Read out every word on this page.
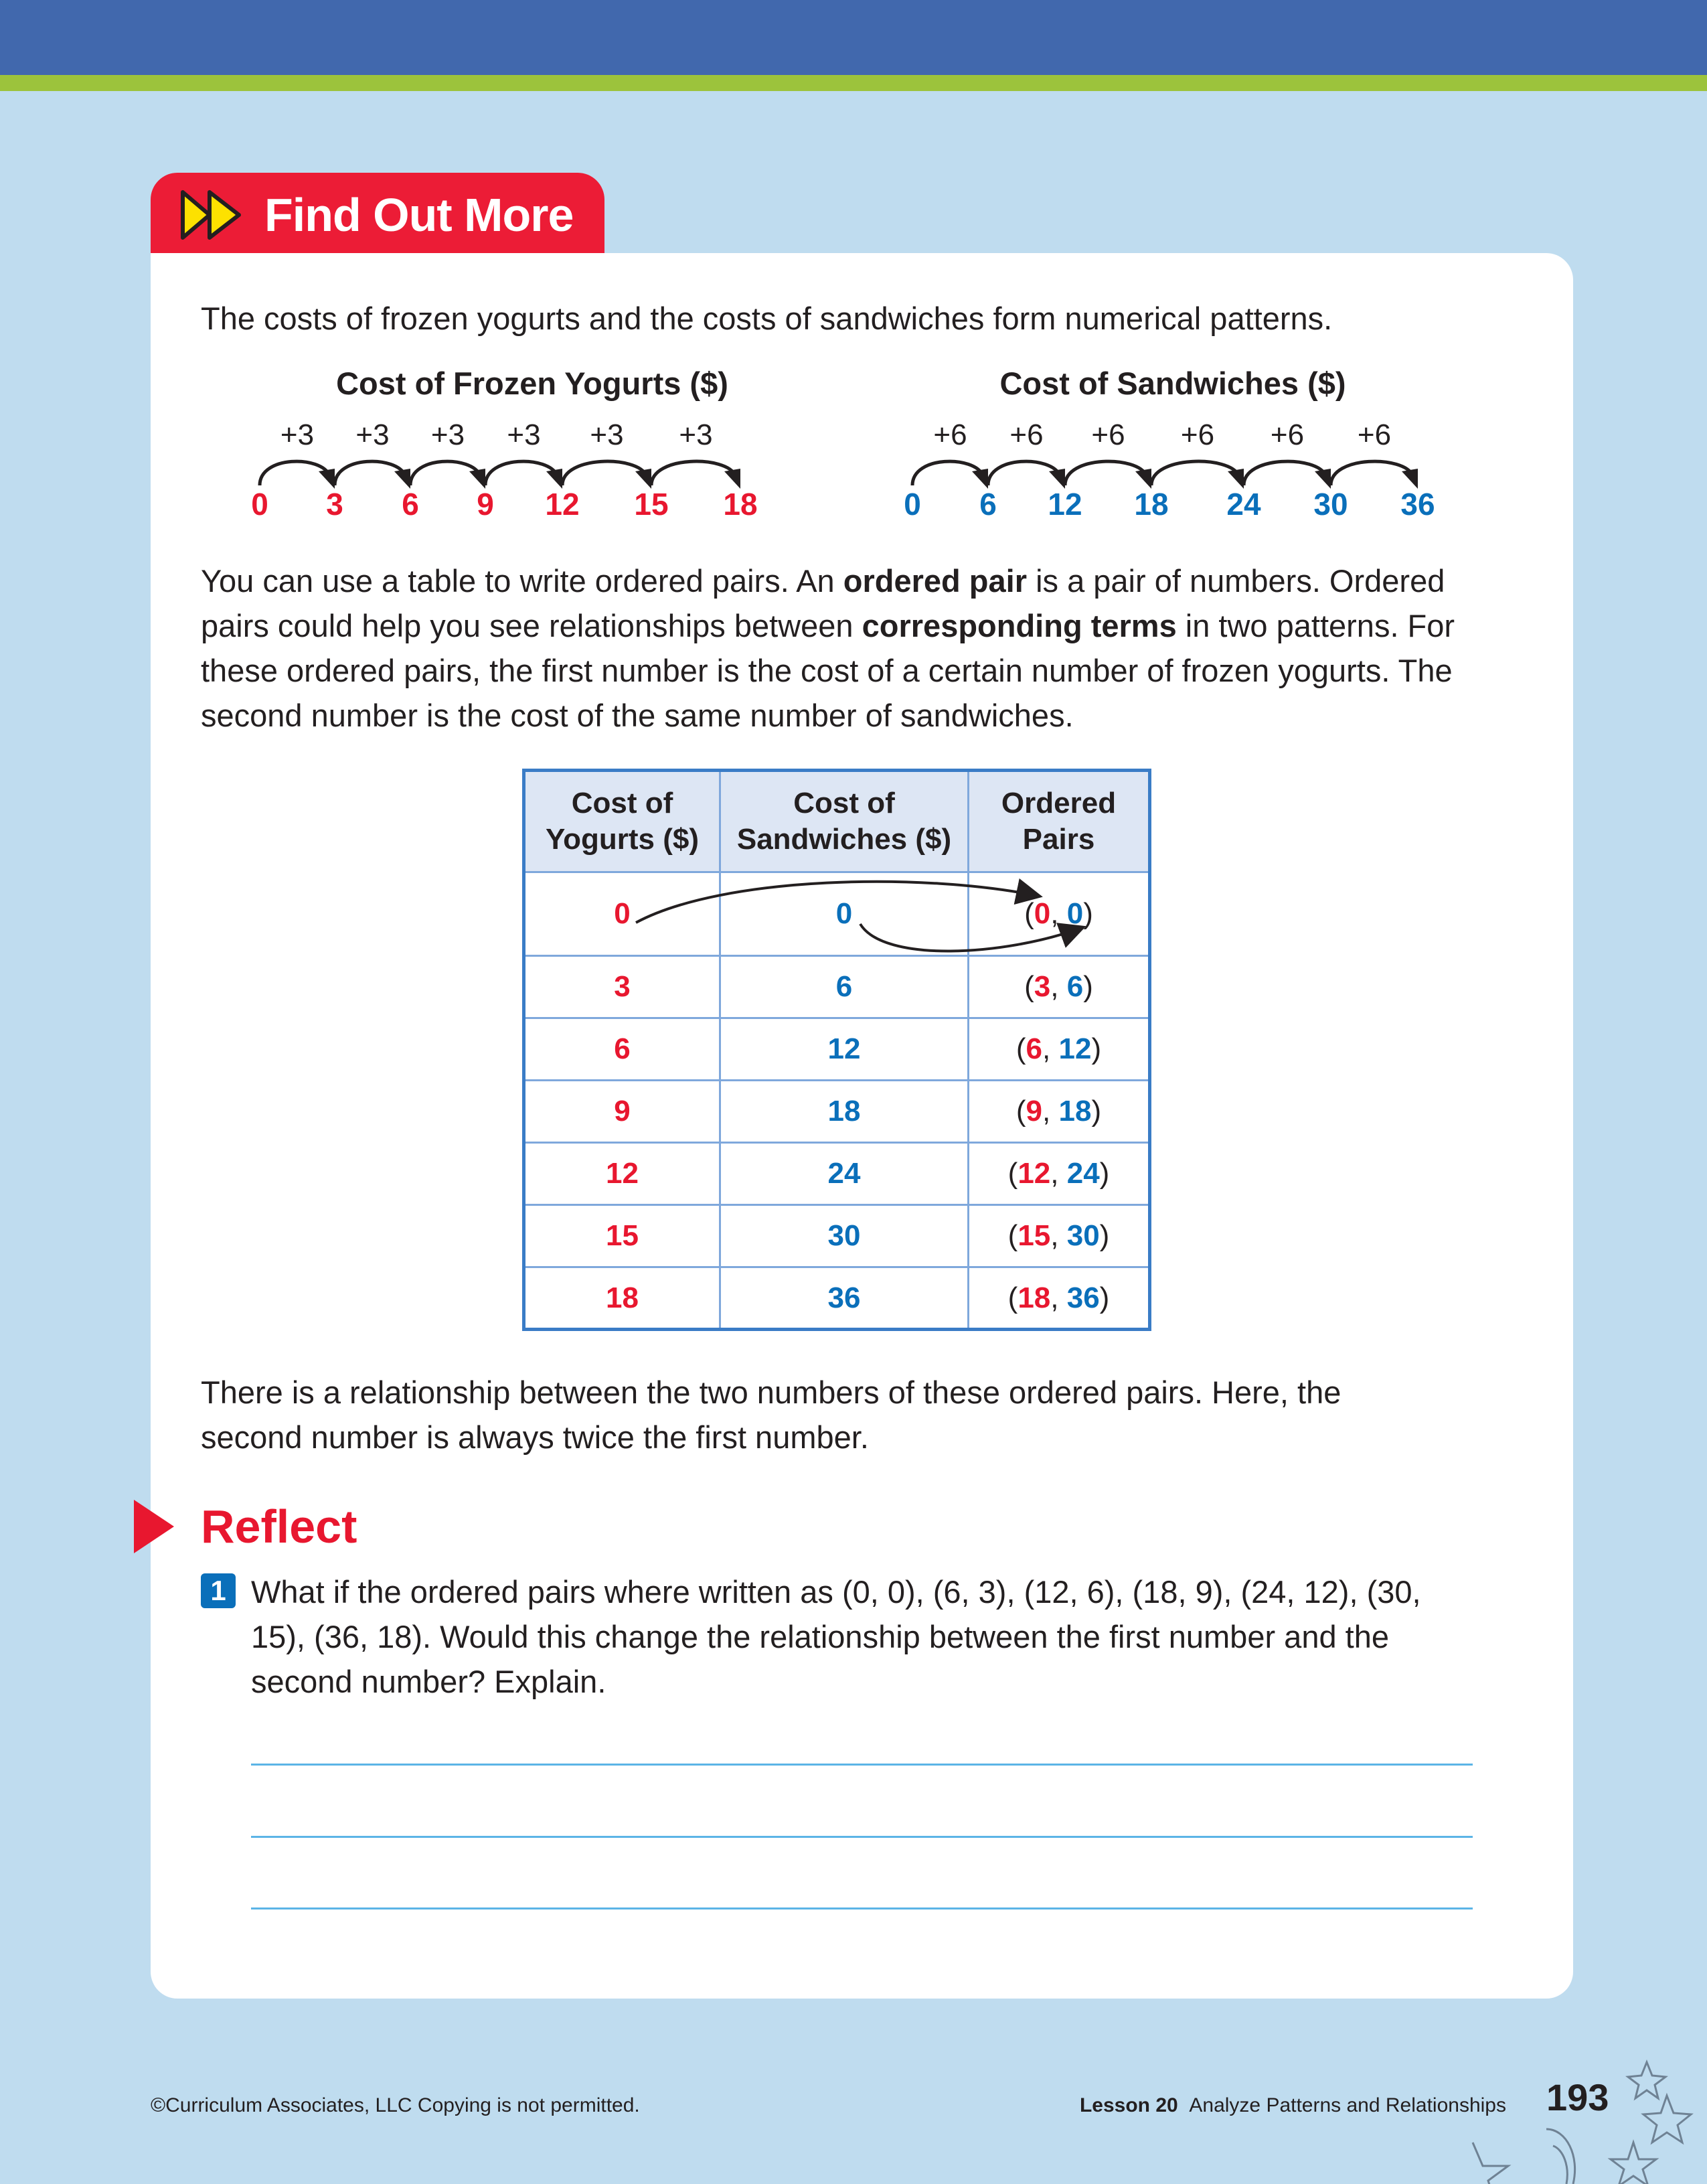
Find Out More
The costs of frozen yogurts and the costs of sandwiches form numerical patterns.
Cost of Frozen Yogurts ($)
+3 +3 +3 +3 +3 +3
0 3 6 9 12 15 18
Cost of Sandwiches ($)
+6 +6 +6 +6 +6 +6
0 6 12 18 24 30 36
You can use a table to write ordered pairs. An ordered pair is a pair of numbers. Ordered pairs could help you see relationships between corresponding terms in two patterns. For these ordered pairs, the first number is the cost of a certain number of frozen yogurts. The second number is the cost of the same number of sandwiches.
Cost of Yogurts ($)	Cost of Sandwiches ($)	Ordered Pairs
0	0	(0, 0)
3	6	(3, 6)
6	12	(6, 12)
9	18	(9, 18)
12	24	(12, 24)
15	30	(15, 30)
18	36	(18, 36)
There is a relationship between the two numbers of these ordered pairs. Here, the second number is always twice the first number.
Reflect
1 What if the ordered pairs where written as (0, 0), (6, 3), (12, 6), (18, 9), (24, 12), (30, 15), (36, 18). Would this change the relationship between the first number and the second number? Explain.
©Curriculum Associates, LLC Copying is not permitted.	Lesson 20 Analyze Patterns and Relationships 193
